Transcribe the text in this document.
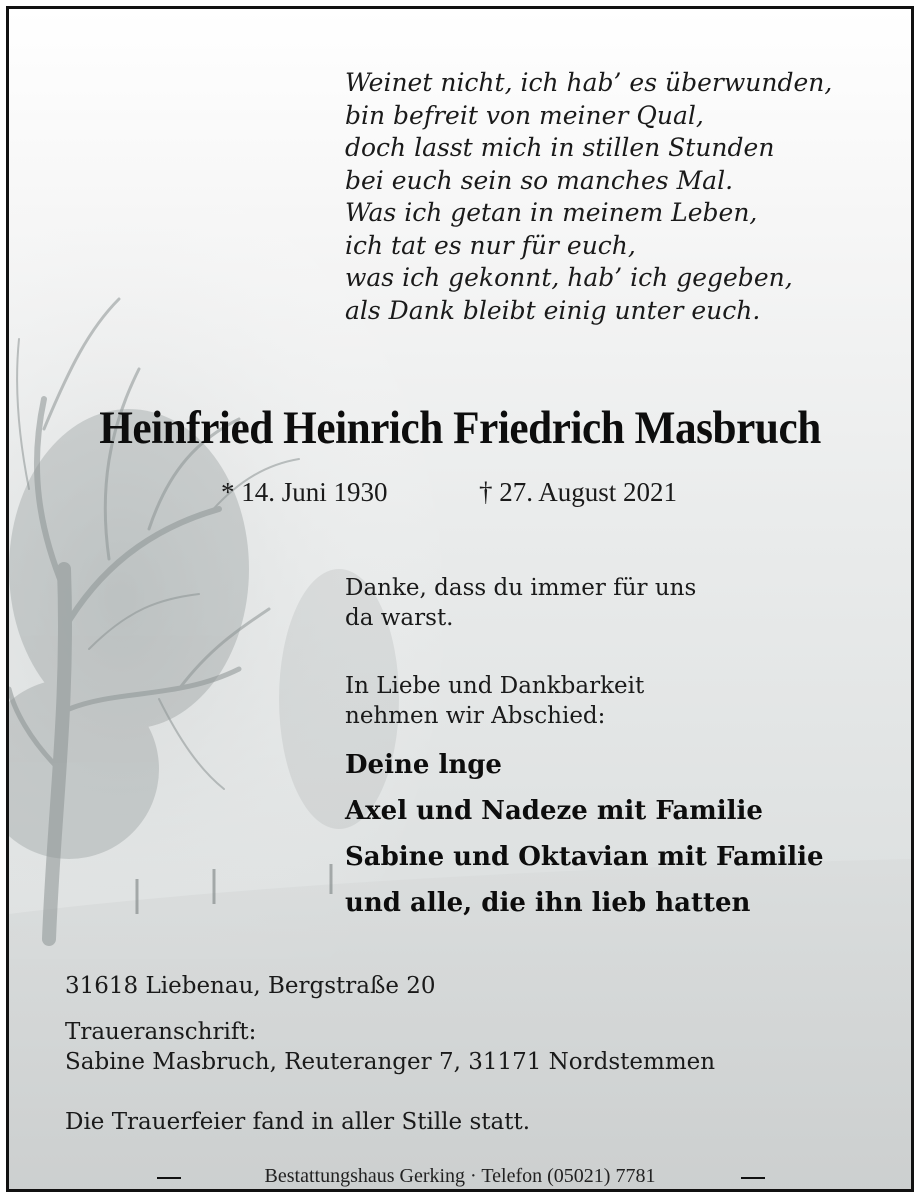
Weinet nicht, ich hab’ es überwunden,
bin befreit von meiner Qual,
doch lasst mich in stillen Stunden
bei euch sein so manches Mal.
Was ich getan in meinem Leben,
ich tat es nur für euch,
was ich gekonnt, hab’ ich gegeben,
als Dank bleibt einig unter euch.
Heinfried Heinrich Friedrich Masbruch
* 14. Juni 1930	† 27. August 2021
Danke, dass du immer für uns
da warst.
In Liebe und Dankbarkeit
nehmen wir Abschied:
Deine lnge
Axel und Nadeze mit Familie
Sabine und Oktavian mit Familie
und alle, die ihn lieb hatten
31618 Liebenau, Bergstraße 20
Traueranschrift:
Sabine Masbruch, Reuteranger 7, 31171 Nordstemmen
Die Trauerfeier fand in aller Stille statt.
Bestattungshaus Gerking · Telefon (05021) 7781
